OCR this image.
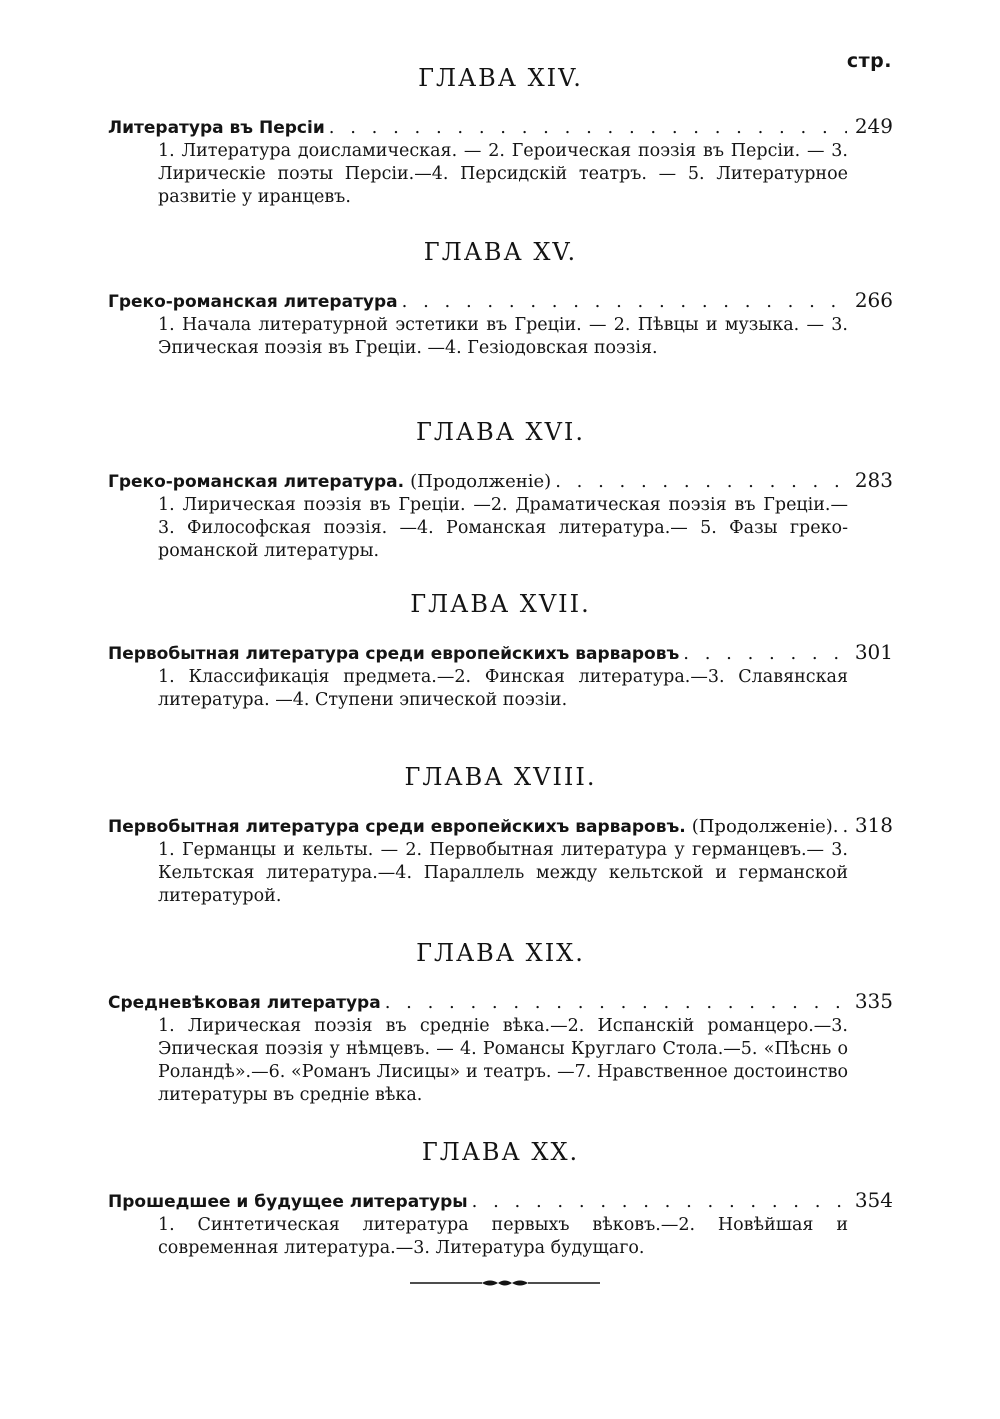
стр.
ГЛАВА XIV.
Литература въ Персіи . . .	249

1. Литература доисламическая. — 2. Героическая поэзія въ Персіи. — 3. Лирическіе поэты Персіи.—4. Персидскій театръ. — 5. Литературное развитіе у иранцевъ.

ГЛАВА XV.
Греко-романская литература . . .	266

1. Начала литературной эстетики въ Греціи. — 2. Пѣвцы и музыка. — 3. Эпическая поэзія въ Греціи. —4. Гезіодовская поэзія.

ГЛАВА XVI.
Греко-романская литература. (Продолженіе) . . .	283

1. Лирическая поэзія въ Греціи. —2. Драматическая поэзія въ Греціи.— 3. Философская поэзія. —4. Романская литература.— 5. Фазы греко-романской литературы.

ГЛАВА XVII.
Первобытная литература среди европейскихъ варваровъ . . .	301

1. Классификація предмета.—2. Финская литература.—3. Славянская литература. —4. Ступени эпической поэзіи.

ГЛАВА XVIII.
Первобытная литература среди европейскихъ варваровъ. (Продолженіе). . . . 318

1. Германцы и кельты. — 2. Первобытная литература у германцевъ.— 3. Кельтская литература.—4. Параллель между кельтской и германской литературой.

ГЛАВА XIX.
Средневѣковая литература . . .	335

1. Лирическая поэзія въ средніе вѣка.—2. Испанскій романцеро.—3. Эпическая поэзія у нѣмцевъ. — 4. Романсы Круглаго Стола.—5. «Пѣснь о Роландѣ».—6. «Романъ Лисицы» и театръ. —7. Нравственное достоинство литературы въ средніе вѣка.

ГЛАВА XX.
Прошедшее и будущее литературы . . .	354

1. Синтетическая литература первыхъ вѣковъ.—2. Новѣйшая и современная литература.—3. Литература будущаго.
